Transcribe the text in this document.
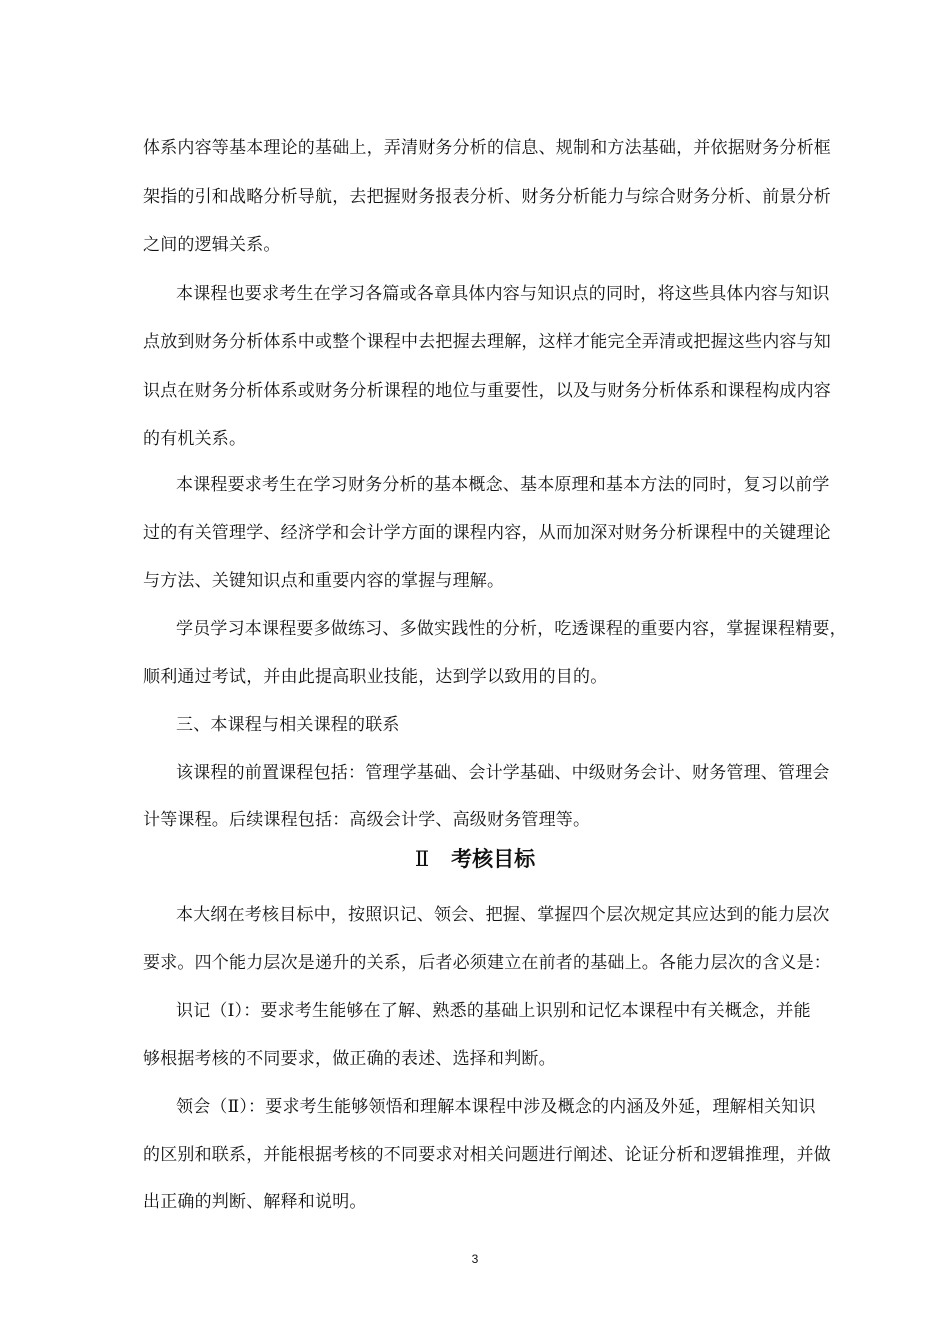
体系内容等基本理论的基础上，弄清财务分析的信息、规制和方法基础，并依据财务分析框
架指的引和战略分析导航，去把握财务报表分析、财务分析能力与综合财务分析、前景分析
之间的逻辑关系。
本课程也要求考生在学习各篇或各章具体内容与知识点的同时，将这些具体内容与知识
点放到财务分析体系中或整个课程中去把握去理解，这样才能完全弄清或把握这些内容与知
识点在财务分析体系或财务分析课程的地位与重要性，以及与财务分析体系和课程构成内容
的有机关系。
本课程要求考生在学习财务分析的基本概念、基本原理和基本方法的同时，复习以前学
过的有关管理学、经济学和会计学方面的课程内容，从而加深对财务分析课程中的关键理论
与方法、关键知识点和重要内容的掌握与理解。
学员学习本课程要多做练习、多做实践性的分析，吃透课程的重要内容，掌握课程精要，
顺利通过考试，并由此提高职业技能，达到学以致用的目的。
三、本课程与相关课程的联系
该课程的前置课程包括：管理学基础、会计学基础、中级财务会计、财务管理、管理会
计等课程。后续课程包括：高级会计学、高级财务管理等。
Ⅱ 考核目标
本大纲在考核目标中，按照识记、领会、把握、掌握四个层次规定其应达到的能力层次
要求。四个能力层次是递升的关系，后者必须建立在前者的基础上。各能力层次的含义是：
识记（Ⅰ）：要求考生能够在了解、熟悉的基础上识别和记忆本课程中有关概念，并能
够根据考核的不同要求，做正确的表述、选择和判断。
领会（Ⅱ）：要求考生能够领悟和理解本课程中涉及概念的内涵及外延，理解相关知识
的区别和联系，并能根据考核的不同要求对相关问题进行阐述、论证分析和逻辑推理，并做
出正确的判断、解释和说明。
3
